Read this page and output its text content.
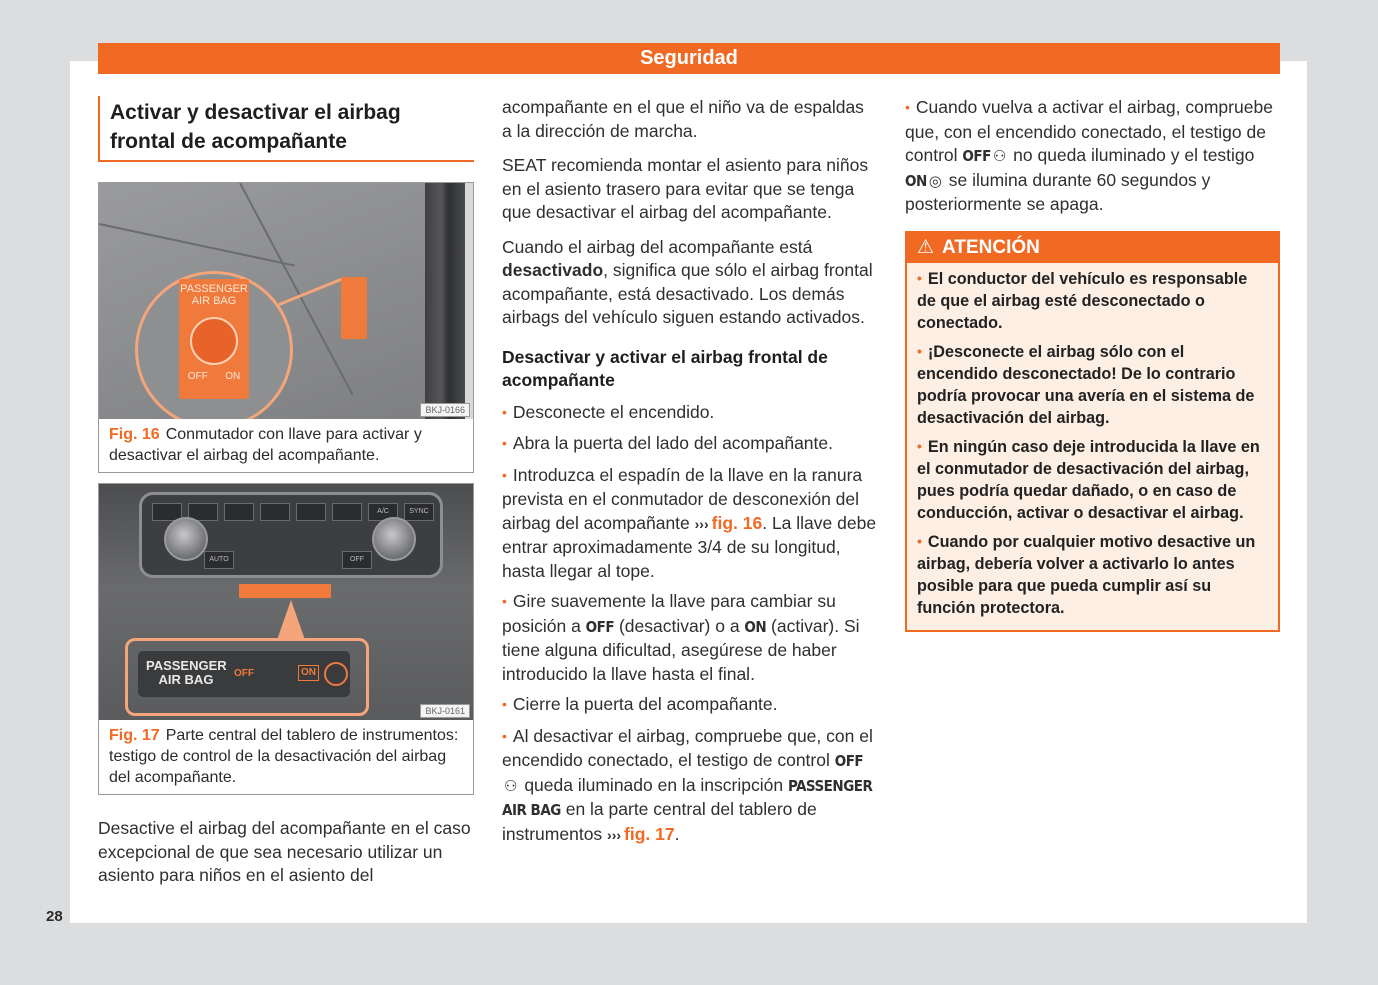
Seguridad
Activar y desactivar el airbag frontal de acompañante
PASSENGER AIR BAG
OFF ON
BKJ-0166
Fig. 16 Conmutador con llave para activar y desactivar el airbag del acompañante.
A/C	SYNC
AUTO	OFF
PASSENGER AIR BAG	OFF	ON
BKJ-0161
Fig. 17 Parte central del tablero de instrumentos: testigo de control de la desactivación del airbag del acompañante.

Desactive el airbag del acompañante en el caso excepcional de que sea necesario utilizar un asiento para niños en el asiento del

acompañante en el que el niño va de espaldas a la dirección de marcha.

SEAT recomienda montar el asiento para niños en el asiento trasero para evitar que se tenga que desactivar el airbag del acompañante.

Cuando el airbag del acompañante está desactivado, significa que sólo el airbag frontal acompañante, está desactivado. Los demás airbags del vehículo siguen estando activados.

Desactivar y activar el airbag frontal de acompañante
• Desconecte el encendido.
• Abra la puerta del lado del acompañante.
• Introduzca el espadín de la llave en la ranura prevista en el conmutador de desconexión del airbag del acompañante ››› fig. 16. La llave debe entrar aproximadamente 3/4 de su longitud, hasta llegar al tope.
• Gire suavemente la llave para cambiar su posición a OFF (desactivar) o a ON (activar). Si tiene alguna dificultad, asegúrese de haber introducido la llave hasta el final.
• Cierre la puerta del acompañante.
• Al desactivar el airbag, compruebe que, con el encendido conectado, el testigo de control OFF⚇ queda iluminado en la inscripción PASSENGER AIR BAG en la parte central del tablero de instrumentos ››› fig. 17.
• Cuando vuelva a activar el airbag, compruebe que, con el encendido conectado, el testigo de control OFF ⚇ no queda iluminado y el testigo ON ◎ se ilumina durante 60 segundos y posteriormente se apaga.
⚠ ATENCIÓN
• El conductor del vehículo es responsable de que el airbag esté desconectado o conectado.
• ¡Desconecte el airbag sólo con el encendido desconectado! De lo contrario podría provocar una avería en el sistema de desactivación del airbag.
• En ningún caso deje introducida la llave en el conmutador de desactivación del airbag, pues podría quedar dañado, o en caso de conducción, activar o desactivar el airbag.
• Cuando por cualquier motivo desactive un airbag, debería volver a activarlo lo antes posible para que pueda cumplir así su función protectora.
28
